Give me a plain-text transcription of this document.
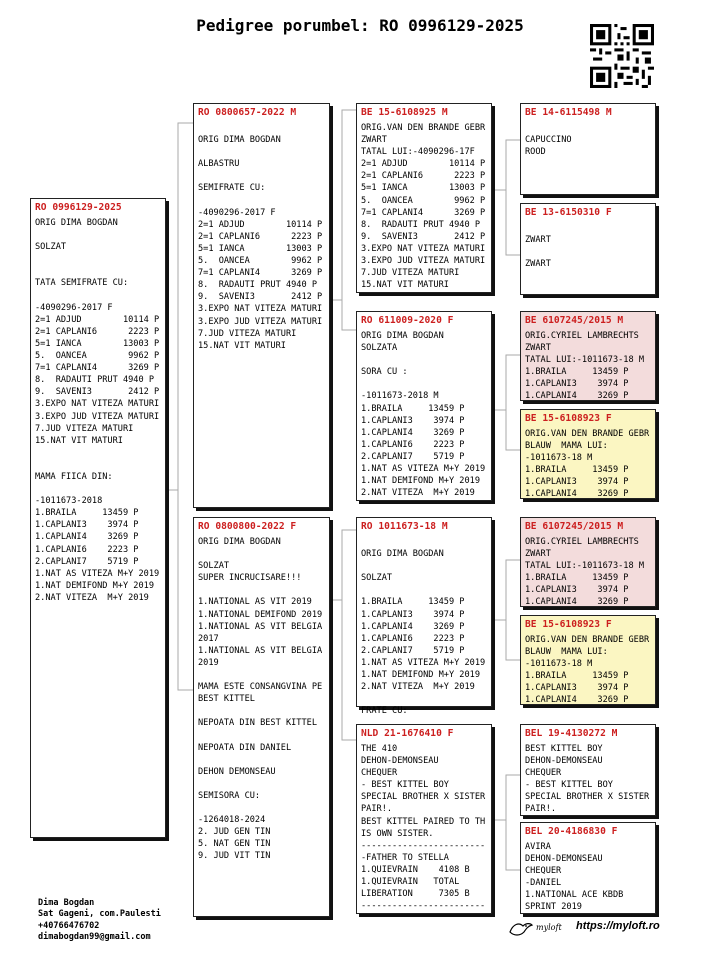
Pedigree porumbel: RO 0996129-2025
RO 0996129-2025
ORIG DIMA BOGDAN
SOLZAT
TATA SEMIFRATE CU:
-4090296-2017 F
2=1 ADJUD        10114 P
2=1 CAPLANI6      2223 P
5=1 IANCA        13003 P
5.  OANCEA        9962 P
7=1 CAPLANI4      3269 P
8.  RADAUTI PRUT 4940 P
9.  SAVENI3       2412 P
3.EXPO NAT VITEZA MATURI
3.EXPO JUD VITEZA MATURI
7.JUD VITEZA MATURI
15.NAT VIT MATURI
MAMA FIICA DIN:
-1011673-2018
1.BRAILA     13459 P
1.CAPLANI3    3974 P
1.CAPLANI4    3269 P
1.CAPLANI6    2223 P
2.CAPLANI7    5719 P
1.NAT AS VITEZA M+Y 2019
1.NAT DEMIFOND M+Y 2019
2.NAT VITEZA  M+Y 2019
RO 0800657-2022 M
ORIG DIMA BOGDAN
ALBASTRU
SEMIFRATE CU:
-4090296-2017 F
2=1 ADJUD        10114 P
2=1 CAPLANI6      2223 P
5=1 IANCA        13003 P
5.  OANCEA        9962 P
7=1 CAPLANI4      3269 P
8.  RADAUTI PRUT 4940 P
9.  SAVENI3       2412 P
3.EXPO NAT VITEZA MATURI
3.EXPO JUD VITEZA MATURI
7.JUD VITEZA MATURI
15.NAT VIT MATURI
RO 0800800-2022 F
ORIG DIMA BOGDAN
SOLZAT
SUPER INCRUCISARE!!!
1.NATIONAL AS VIT 2019
1.NATIONAL DEMIFOND 2019
1.NATIONAL AS VIT BELGIA
2017
1.NATIONAL AS VIT BELGIA
2019
MAMA ESTE CONSANGVINA PE
BEST KITTEL
NEPOATA DIN BEST KITTEL
NEPOATA DIN DANIEL
DEHON DEMONSEAU
SEMISORA CU:
-1264018-2024
2. JUD GEN TIN
5. NAT GEN TIN
9. JUD VIT TIN
BE 15-6108925 M
ORIG.VAN DEN BRANDE GEBR
ZWART
TATAL LUI:-4090296-17F
2=1 ADJUD        10114 P
2=1 CAPLANI6      2223 P
5=1 IANCA        13003 P
5.  OANCEA        9962 P
7=1 CAPLANI4      3269 P
8.  RADAUTI PRUT 4940 P
9.  SAVENI3       2412 P
3.EXPO NAT VITEZA MATURI
3.EXPO JUD VITEZA MATURI
7.JUD VITEZA MATURI
15.NAT VIT MATURI
RO 611009-2020 F
ORIG DIMA BOGDAN
SOLZATA
SORA CU :
-1011673-2018 M
1.BRAILA     13459 P
1.CAPLANI3    3974 P
1.CAPLANI4    3269 P
1.CAPLANI6    2223 P
2.CAPLANI7    5719 P
1.NAT AS VITEZA M+Y 2019
1.NAT DEMIFOND M+Y 2019
2.NAT VITEZA  M+Y 2019
RO 1011673-18 M
ORIG DIMA BOGDAN
SOLZAT
1.BRAILA     13459 P
1.CAPLANI3    3974 P
1.CAPLANI4    3269 P
1.CAPLANI6    2223 P
2.CAPLANI7    5719 P
1.NAT AS VITEZA M+Y 2019
1.NAT DEMIFOND M+Y 2019
2.NAT VITEZA  M+Y 2019
FRATE CU:
NLD 21-1676410 F
THE 410
DEHON-DEMONSEAU
CHEQUER
- BEST KITTEL BOY
SPECIAL BROTHER X SISTER
PAIR!.
BEST KITTEL PAIRED TO TH
IS OWN SISTER.
------------------------
-FATHER TO STELLA
1.QUIEVRAIN    4108 B
1.QUIEVRAIN   TOTAL
LIBERATION     7305 B
------------------------
BE 14-6115498 M
CAPUCCINO
ROOD
BE 13-6150310 F
ZWART
ZWART
BE 6107245/2015 M
ORIG.CYRIEL LAMBRECHTS
ZWART
TATAL LUI:-1011673-18 M
1.BRAILA     13459 P
1.CAPLANI3    3974 P
1.CAPLANI4    3269 P
BE 15-6108923 F
ORIG.VAN DEN BRANDE GEBR
BLAUW  MAMA LUI:
-1011673-18 M
1.BRAILA     13459 P
1.CAPLANI3    3974 P
1.CAPLANI4    3269 P
BE 6107245/2015 M
ORIG.CYRIEL LAMBRECHTS
ZWART
TATAL LUI:-1011673-18 M
1.BRAILA     13459 P
1.CAPLANI3    3974 P
1.CAPLANI4    3269 P
BE 15-6108923 F
ORIG.VAN DEN BRANDE GEBR
BLAUW  MAMA LUI:
-1011673-18 M
1.BRAILA     13459 P
1.CAPLANI3    3974 P
1.CAPLANI4    3269 P
BEL 19-4130272 M
BEST KITTEL BOY
DEHON-DEMONSEAU
CHEQUER
- BEST KITTEL BOY
SPECIAL BROTHER X SISTER
PAIR!.
BEL 20-4186830 F
AVIRA
DEHON-DEMONSEAU
CHEQUER
-DANIEL
1.NATIONAL ACE KBDB
SPRINT 2019
Dima Bogdan
Sat Gageni, com.Paulesti
+40766476702
dimabogdan99@gmail.com
myloft https://myloft.ro
